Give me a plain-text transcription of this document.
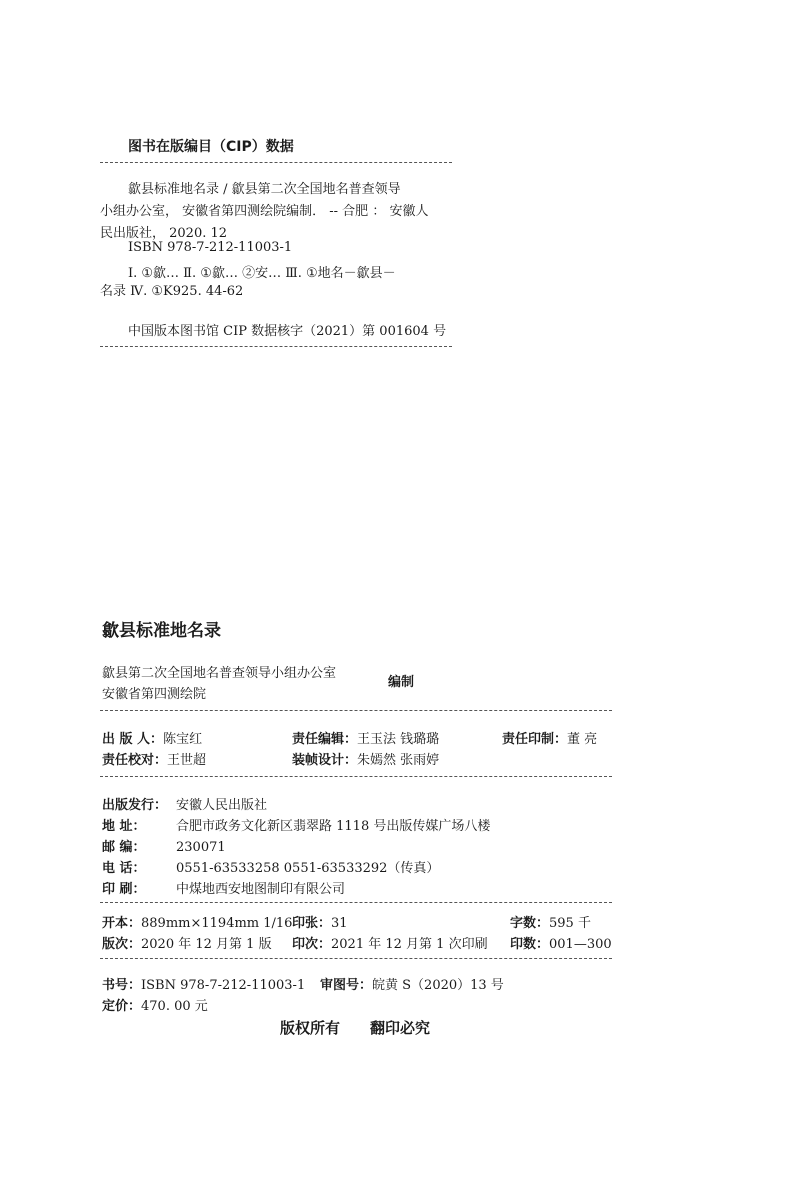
图书在版编目（CIP）数据
歙县标准地名录 / 歙县第二次全国地名普查领导
小组办公室， 安徽省第四测绘院编制． -- 合肥 ： 安徽人
民出版社， 2020. 12
ISBN 978-7-212-11003-1
Ⅰ. ①歙… Ⅱ. ①歙… ②安… Ⅲ. ①地名－歙县－
名录 Ⅳ. ①K925. 44-62
中国版本图书馆 CIP 数据核字（2021）第 001604 号
歙县标准地名录
歙县第二次全国地名普查领导小组办公室
安徽省第四测绘院
编制
出 版 人：陈宝红	责任编辑：王玉法 钱璐璐	责任印制：董 亮
责任校对：王世超	装帧设计：朱嫣然 张雨婷
出版发行： 安徽人民出版社
地 址： 合肥市政务文化新区翡翠路 1118 号出版传媒广场八楼
邮 编： 230071
电 话： 0551-63533258 0551-63533292（传真）
印 刷： 中煤地西安地图制印有限公司
开本：889mm×1194mm 1/16 印张：31	字数：595 千
版次：2020 年 12 月第 1 版 印次：2021 年 12 月第 1 次印刷 印数：001—300
书号：ISBN 978-7-212-11003-1 审图号：皖黄 S（2020）13 号
定价：470. 00 元
版权所有 翻印必究
